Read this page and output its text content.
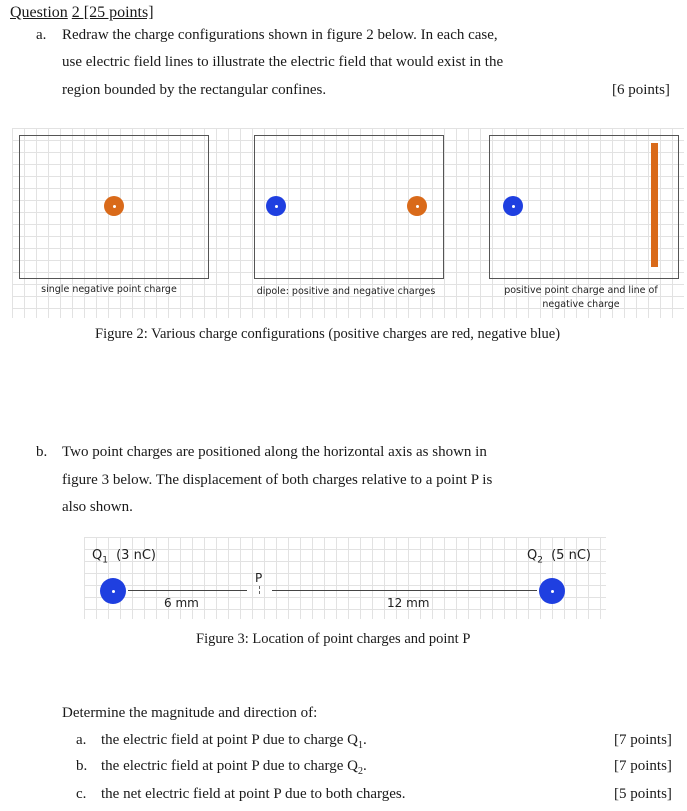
Question 2 [25 points]
a. Redraw the charge configurations shown in figure 2 below. In each case,
use electric field lines to illustrate the electric field that would exist in the
region bounded by the rectangular confines.	[6 points]
single negative point charge	dipole: positive and negative charges	positive point charge and line of
negative charge
Figure 2: Various charge configurations (positive charges are red, negative blue)
b. Two point charges are positioned along the horizontal axis as shown in
figure 3 below. The displacement of both charges relative to a point P is
also shown.
$Q_1$ (3 nC)	$Q_2$ (5 nC)
P
6 mm	12 mm
Figure 3: Location of point charges and point P
Determine the magnitude and direction of:
a. the electric field at point P due to charge $Q_1$.	[7 points]
b. the electric field at point P due to charge $Q_2$.	[7 points]
c. the net electric field at point P due to both charges.	[5 points]
